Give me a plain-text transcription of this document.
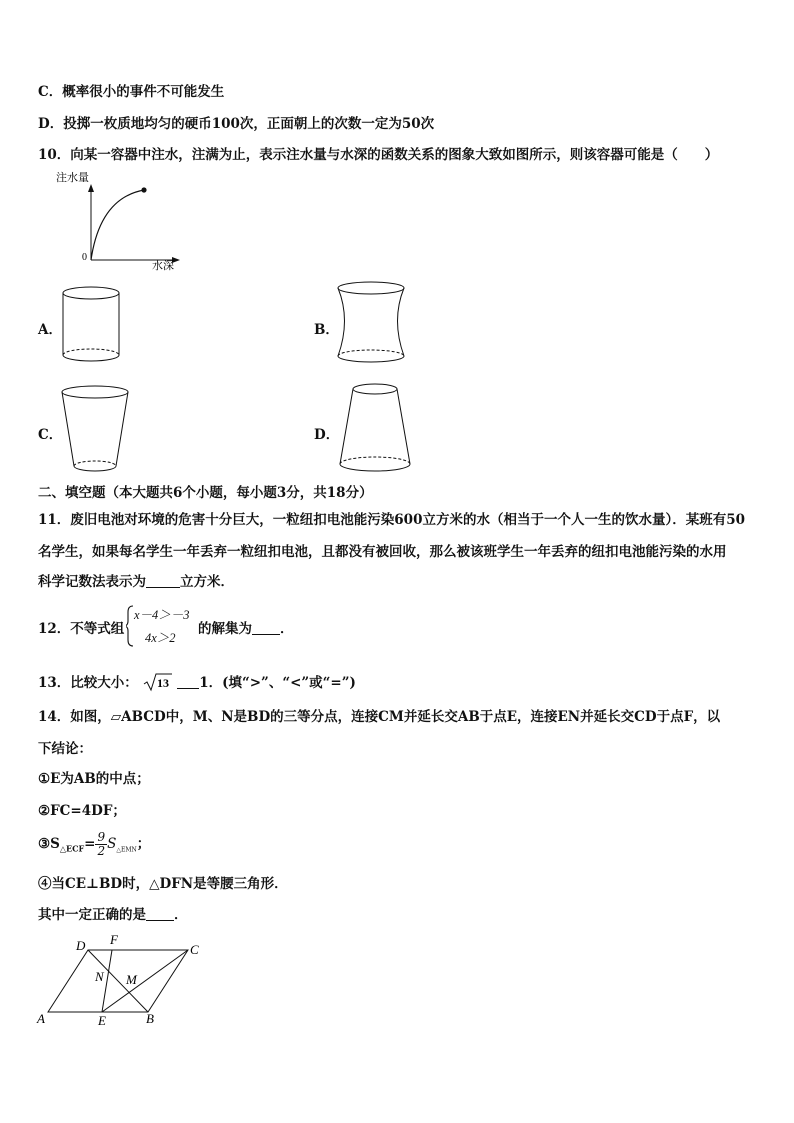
C．概率很小的事件不可能发生
D．投掷一枚质地均匀的硬币100次，正面朝上的次数一定为50次
10．向某一容器中注水，注满为止，表示注水量与水深的函数关系的图象大致如图所示，则该容器可能是（　　）
注水量
0
水深
A．	B．
C．	D．
二、填空题（本大题共6个小题，每小题3分，共18分）
11．废旧电池对环境的危害十分巨大，一粒纽扣电池能污染600立方米的水（相当于一个人一生的饮水量）．某班有50
名学生，如果每名学生一年丢弃一粒纽扣电池，且都没有被回收，那么被该班学生一年丢弃的纽扣电池能污染的水用
科学记数法表示为	立方米．
12．不等式组
x－4＞－3
4x＞2
的解集为 ．
13．比较大小： 13 1．(填“>”、“<”或“=”)
14．如图，▱ABCD中，M、N是BD的三等分点，连接CM并延长交AB于点E，连接EN并延长交CD于点F，以
下结论：
①E为AB的中点；
②FC=4DF；
$③S_{\triangle ECF}= \frac{9}{2} S_{\triangle EMN}$；
④当CE⊥BD时，△DFN是等腰三角形．
其中一定正确的是 ．
D F
C
N M
A	E	B
